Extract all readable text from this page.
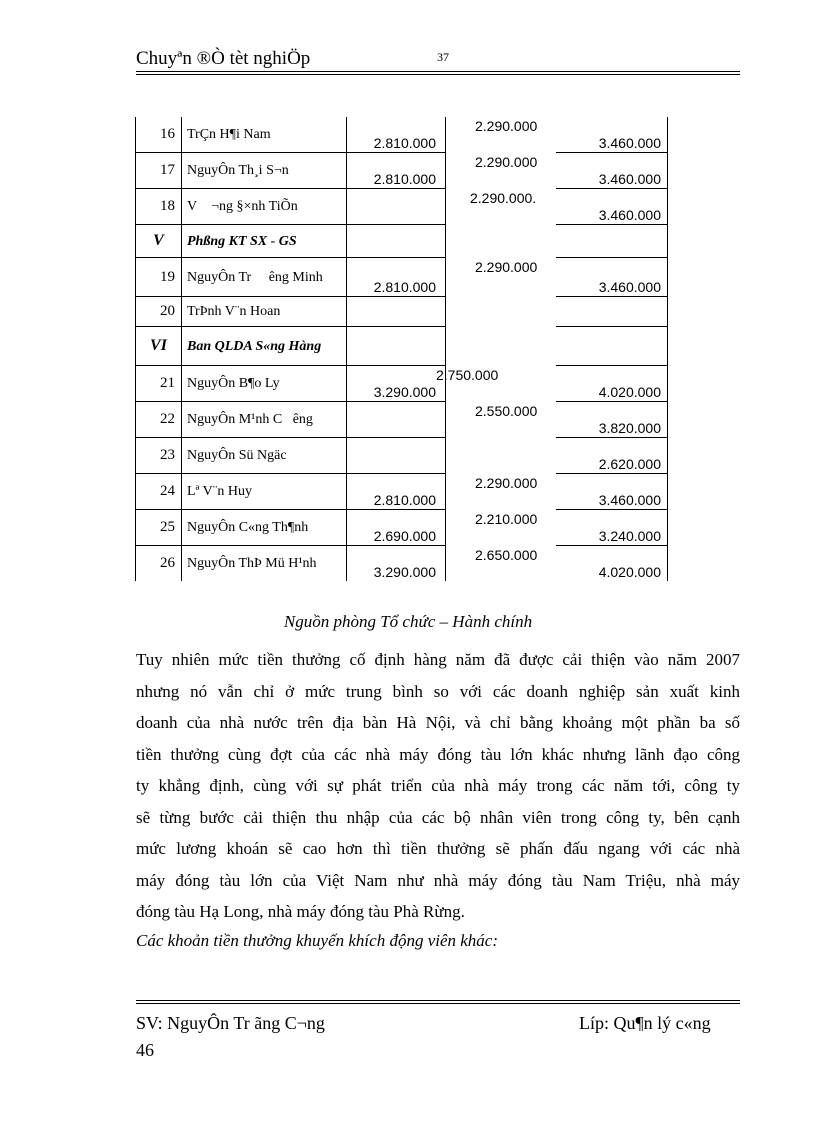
Chuyªn ®Ò tèt nghiÖp	37
16	TrÇn H¶i Nam	2.810.000	2.290.000	3.460.000

17	NguyÔn Th¸i S¬n	2.810.000	2.290.000	3.460.000

18	V    ¬ng §×nh TiÕn		2.290.000.	3.460.000

V	Phßng KT SX - GS	

19	NguyÔn Tr     êng Minh	2.810.000	2.290.000	3.460.000

20	TrÞnh V¨n Hoan	

VI	Ban QLDA S«ng Hàng	

21	NguyÔn B¶o Ly	3.290.000	2.750.000	4.020.000

22	NguyÔn M¹nh C   êng		2.550.000	3.820.000

23	NguyÔn Sü Ngäc			2.620.000

24	Lª V¨n Huy	2.810.000	2.290.000	3.460.000

25	NguyÔn C«ng Th¶nh	2.690.000	2.210.000	3.240.000

26	NguyÔn ThÞ Mü H¹nh	3.290.000	2.650.000	4.020.000
Nguồn phòng Tổ chức – Hành chính
Tuy nhiên mức tiền thưởng cố định hàng năm đã được cải thiện vào năm 2007
nhưng nó vẫn chỉ ở mức trung bình so với các doanh nghiệp sản xuất kinh
doanh của nhà nước trên địa bàn Hà Nội, và chỉ bằng khoảng một phần ba số
tiền thưởng cùng đợt của các nhà máy đóng tàu lớn khác nhưng lãnh đạo công
ty khẳng định, cùng với sự phát triển của nhà máy trong các năm tới, công ty
sẽ từng bước cải thiện thu nhập của các bộ nhân viên trong công ty, bên cạnh
mức lương khoán sẽ cao hơn thì tiền thưởng sẽ phấn đấu ngang với các nhà
máy đóng tàu lớn của Việt Nam như nhà máy đóng tàu Nam Triệu, nhà máy
đóng tàu Hạ Long, nhà máy đóng tàu Phà Rừng.
Các khoản tiền thưởng khuyến khích động viên khác:
SV: NguyÔn Tr ãng C¬ng	Líp: Qu¶n lý c«ng
46
